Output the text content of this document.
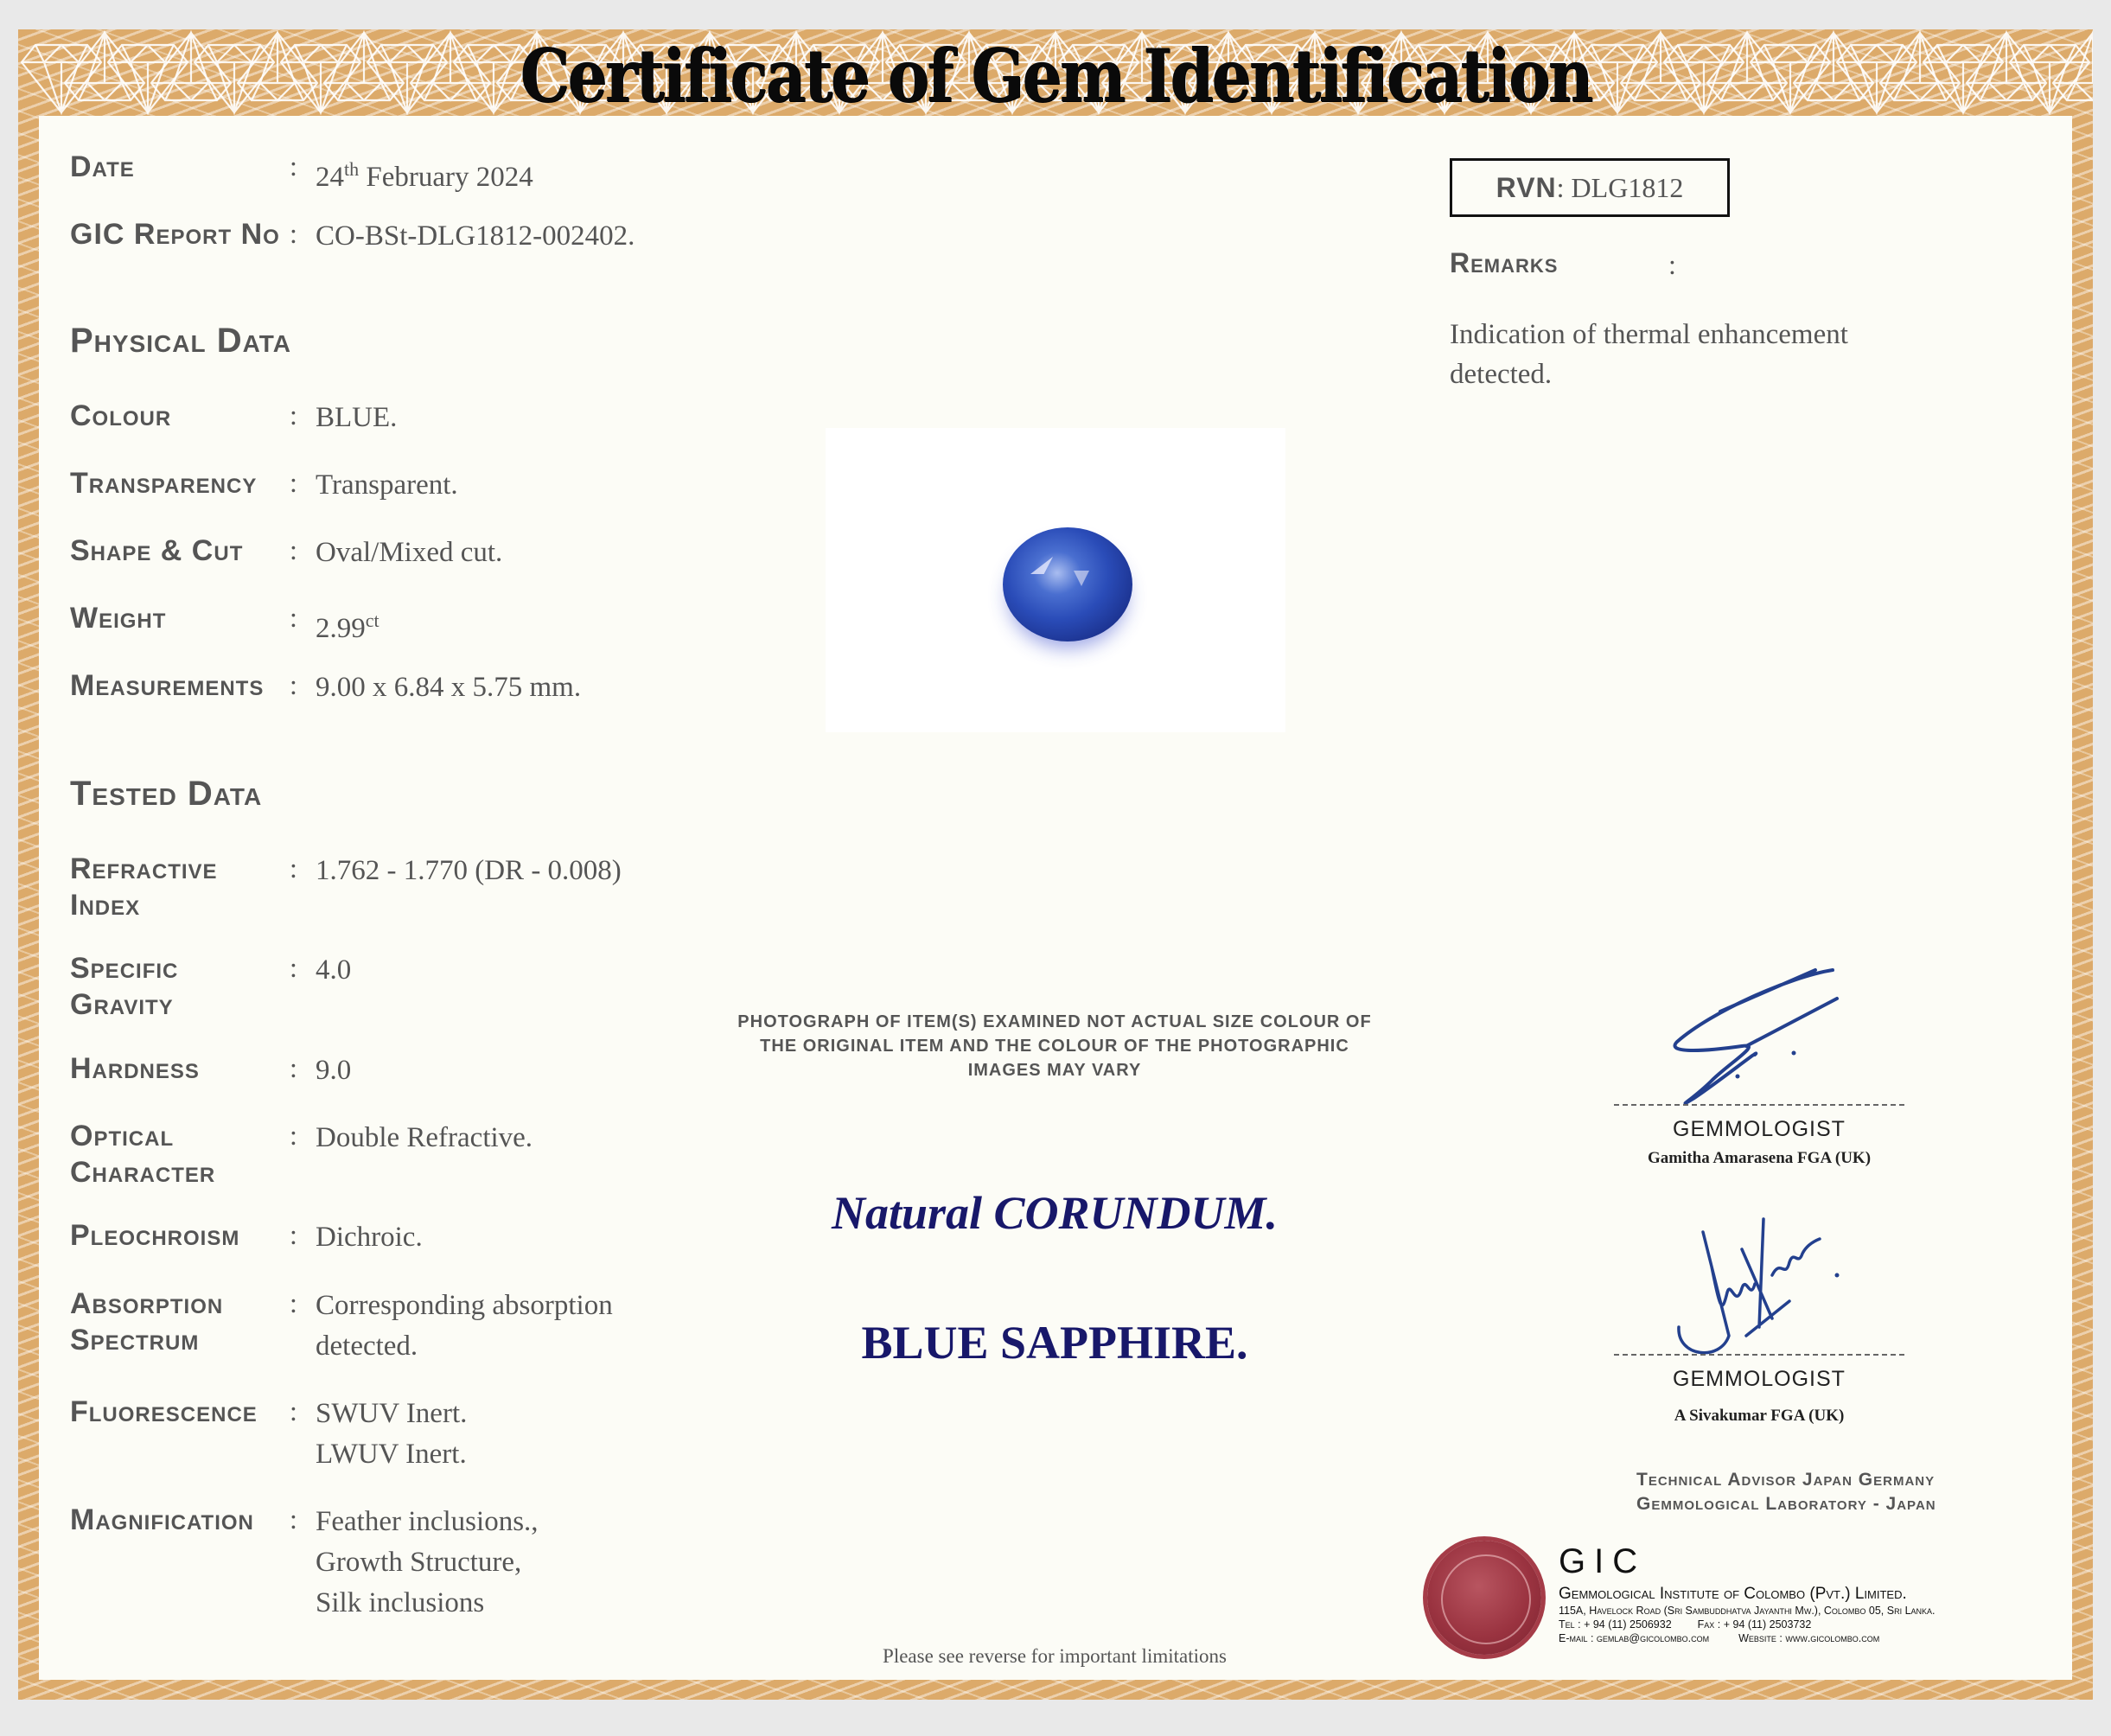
Certificate of Gem Identification
Date	: 24th February 2024
GIC Report No : CO-BSt-DLG1812-002402.
Physical Data
Colour	: BLUE.
Transparency	: Transparent.
Shape & Cut	: Oval/Mixed cut.
Weight	: $2.99^{ct}$
Measurements : 9.00 x 6.84 x 5.75 mm.
Tested Data
Refractive
Index
: 1.762 - 1.770 (DR - 0.008)
Specific
Gravity
: 4.0
Hardness	: 9.0
Optical
Character
: Double Refractive.
Pleochroism	: Dichroic.
Absorption
Spectrum
: Corresponding absorption
detected.
Fluorescence	: SWUV Inert.
LWUV Inert.
Magnification	: Feather inclusions.,
Growth Structure,
Silk inclusions
PHOTOGRAPH OF ITEM(S) EXAMINED NOT ACTUAL SIZE COLOUR OF
THE ORIGINAL ITEM AND THE COLOUR OF THE PHOTOGRAPHIC
IMAGES MAY VARY
Natural CORUNDUM.
BLUE SAPPHIRE.
RVN: DLG1812
Remarks	:
Indication of thermal enhancement detected.
GEMMOLOGIST
Gamitha Amarasena FGA (UK)
GEMMOLOGIST
A Sivakumar FGA (UK)
Technical Advisor Japan Germany
Gemmological Laboratory - Japan
GIC
Gemmological Institute of Colombo (Pvt.) Limited.
115A, Havelock Road (Sri Sambuddhatva Jayanthi Mw.), Colombo 05, Sri Lanka.
Tel : + 94 (11) 2506932 Fax : + 94 (11) 2503732
E-mail : gemlab@gicolombo.com	Website : www.gicolombo.com
Please see reverse for important limitations
